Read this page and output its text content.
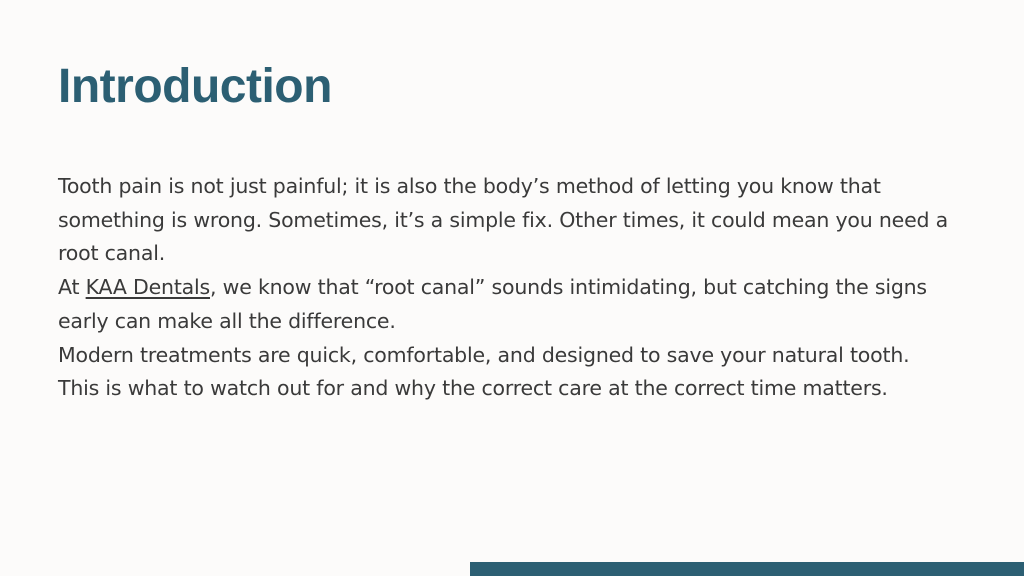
Introduction

Tooth pain is not just painful; it is also the body’s method of letting you know that something is wrong. Sometimes, it’s a simple fix. Other times, it could mean you need a root canal.

At KAA Dentals, we know that “root canal” sounds intimidating, but catching the signs early can make all the difference.

Modern treatments are quick, comfortable, and designed to save your natural tooth.

This is what to watch out for and why the correct care at the correct time matters.
